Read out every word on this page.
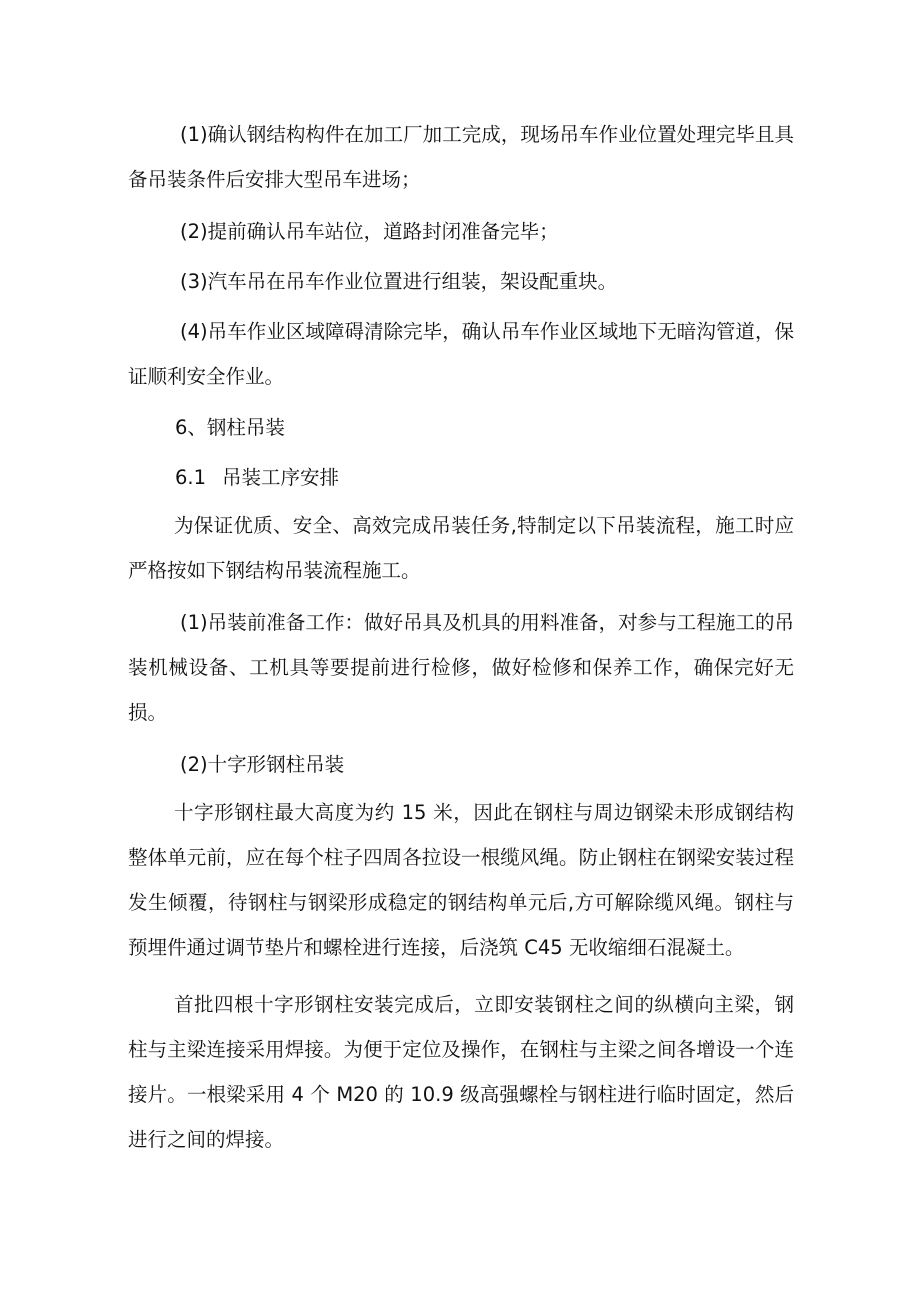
(1)确认钢结构构件在加工厂加工完成，现场吊车作业位置处理完毕且具备吊装条件后安排大型吊车进场；

(2)提前确认吊车站位，道路封闭准备完毕；

(3)汽车吊在吊车作业位置进行组装，架设配重块。

(4)吊车作业区域障碍清除完毕，确认吊车作业区域地下无暗沟管道，保证顺利安全作业。

6、钢柱吊装

6.1 吊装工序安排

为保证优质、安全、高效完成吊装任务,特制定以下吊装流程，施工时应严格按如下钢结构吊装流程施工。

(1)吊装前准备工作：做好吊具及机具的用料准备，对参与工程施工的吊装机械设备、工机具等要提前进行检修，做好检修和保养工作，确保完好无损。

(2)十字形钢柱吊装

十字形钢柱最大高度为约 15 米，因此在钢柱与周边钢梁未形成钢结构整体单元前，应在每个柱子四周各拉设一根缆风绳。防止钢柱在钢梁安装过程发生倾覆，待钢柱与钢梁形成稳定的钢结构单元后,方可解除缆风绳。钢柱与预埋件通过调节垫片和螺栓进行连接，后浇筑 C45 无收缩细石混凝土。

首批四根十字形钢柱安装完成后，立即安装钢柱之间的纵横向主梁，钢柱与主梁连接采用焊接。为便于定位及操作，在钢柱与主梁之间各增设一个连接片。一根梁采用 4 个 M20 的 10.9 级高强螺栓与钢柱进行临时固定，然后进行之间的焊接。
